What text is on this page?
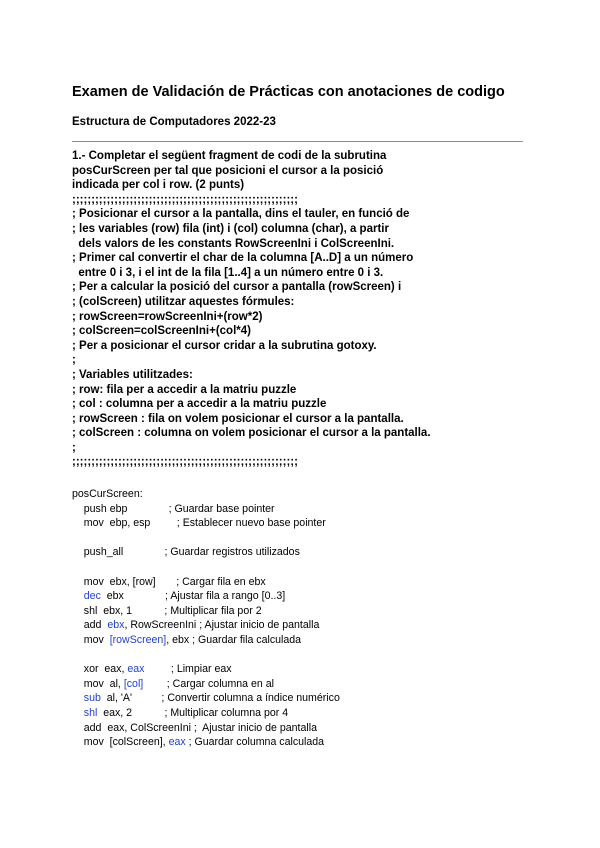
Examen de Validación de Prácticas con anotaciones de codigo
Estructura de Computadores 2022-23
1.- Completar el següent fragment de codi de la subrutina
posCurScreen per tal que posicioni el cursor a la posició
indicada per col i row. (2 punts)
;;;;;;;;;;;;;;;;;;;;;;;;;;;;;;;;;;;;;;;;;;;;;;;;;;;;;;;;;;;
; Posicionar el cursor a la pantalla, dins el tauler, en funció de
; les variables (row) fila (int) i (col) columna (char), a partir
dels valors de les constants RowScreenIni i ColScreenIni.
; Primer cal convertir el char de la columna [A..D] a un número
entre 0 i 3, i el int de la fila [1..4] a un número entre 0 i 3.
; Per a calcular la posició del cursor a pantalla (rowScreen) i
; (colScreen) utilitzar aquestes fórmules:
; rowScreen=rowScreenIni+(row*2)
; colScreen=colScreenIni+(col*4)
; Per a posicionar el cursor cridar a la subrutina gotoxy.
;
; Variables utilitzades:
; row: fila per a accedir a la matriu puzzle
; col : columna per a accedir a la matriu puzzle
; rowScreen : fila on volem posicionar el cursor a la pantalla.
; colScreen : columna on volem posicionar el cursor a la pantalla.
;
;;;;;;;;;;;;;;;;;;;;;;;;;;;;;;;;;;;;;;;;;;;;;;;;;;;;;;;;;;;
posCurScreen:
push ebp              ; Guardar base pointer
mov  ebp, esp         ; Establecer nuevo base pointer
push_all              ; Guardar registros utilizados
mov  ebx, [row]       ; Cargar fila en ebx
dec  ebx              ; Ajustar fila a rango [0..3]
shl  ebx, 1           ; Multiplicar fila por 2
add  ebx, RowScreenIni ; Ajustar inicio de pantalla
mov  [rowScreen], ebx ; Guardar fila calculada
xor  eax, eax         ; Limpiar eax
mov  al, [col]        ; Cargar columna en al
sub  al, 'A'          ; Convertir columna a índice numérico
shl  eax, 2           ; Multiplicar columna por 4
add  eax, ColScreenIni ;  Ajustar inicio de pantalla
mov  [colScreen], eax ; Guardar columna calculada
